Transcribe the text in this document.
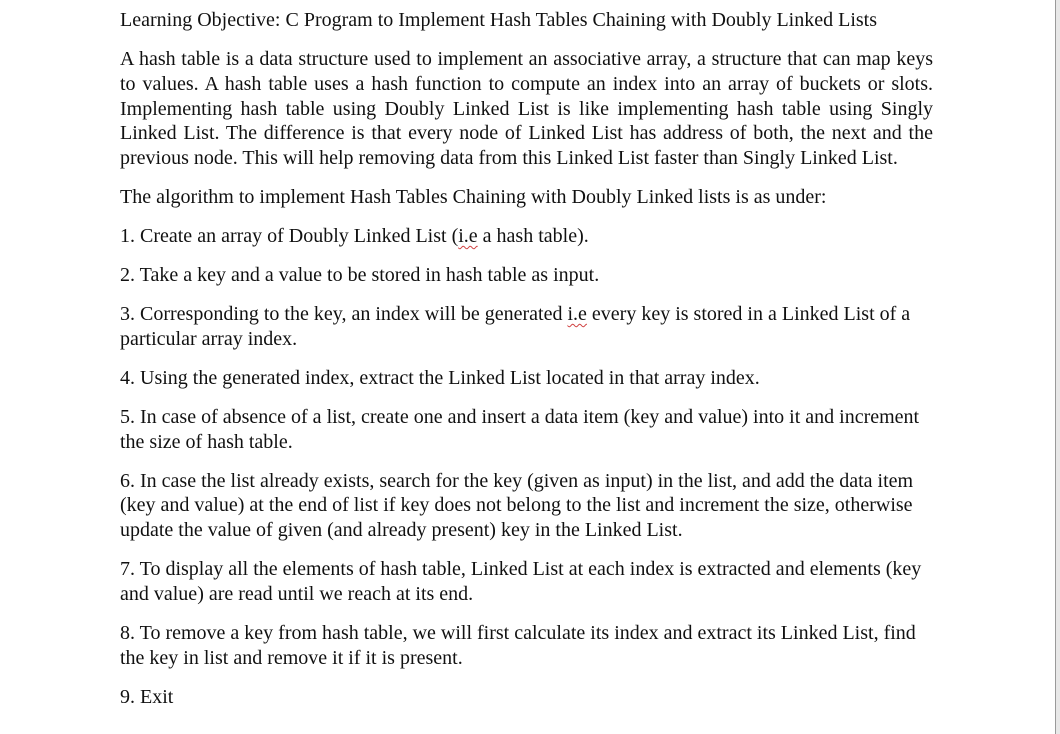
Learning Objective: C Program to Implement Hash Tables Chaining with Doubly Linked Lists

A hash table is a data structure used to implement an associative array, a structure that can map keys to values. A hash table uses a hash function to compute an index into an array of buckets or slots. Implementing hash table using Doubly Linked List is like implementing hash table using Singly Linked List. The difference is that every node of Linked List has address of both, the next and the previous node. This will help removing data from this Linked List faster than Singly Linked List.

The algorithm to implement Hash Tables Chaining with Doubly Linked lists is as under:

1. Create an array of Doubly Linked List (i.e a hash table).

2. Take a key and a value to be stored in hash table as input.

3. Corresponding to the key, an index will be generated i.e every key is stored in a Linked List of a particular array index.

4. Using the generated index, extract the Linked List located in that array index.

5. In case of absence of a list, create one and insert a data item (key and value) into it and increment the size of hash table.

6. In case the list already exists, search for the key (given as input) in the list, and add the data item (key and value) at the end of list if key does not belong to the list and increment the size, otherwise update the value of given (and already present) key in the Linked List.

7. To display all the elements of hash table, Linked List at each index is extracted and elements (key and value) are read until we reach at its end.

8. To remove a key from hash table, we will first calculate its index and extract its Linked List, find the key in list and remove it if it is present.

9. Exit
